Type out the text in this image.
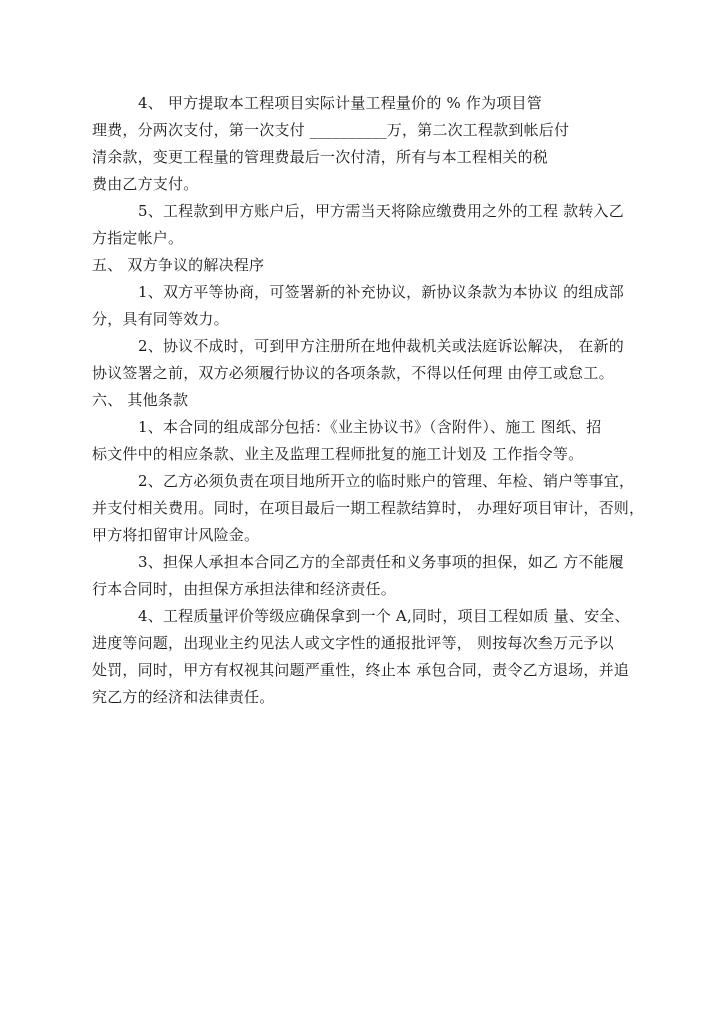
4、 甲方提取本工程项目实际计量工程量价的 % 作为项目管
理费，分两次支付，第一次支付 __________万，第二次工程款到帐后付
清余款，变更工程量的管理费最后一次付清，所有与本工程相关的税
费由乙方支付。
5、工程款到甲方账户后，甲方需当天将除应缴费用之外的工程 款转入乙
方指定帐户。
五、 双方争议的解决程序
1、双方平等协商，可签署新的补充协议，新协议条款为本协议 的组成部
分，具有同等效力。
2、协议不成时，可到甲方注册所在地仲裁机关或法庭诉讼解决， 在新的
协议签署之前，双方必须履行协议的各项条款，不得以任何理 由停工或怠工。
六、 其他条款
1、本合同的组成部分包括：《业主协议书》（含附件）、施工 图纸、招
标文件中的相应条款、业主及监理工程师批复的施工计划及 工作指令等。
2、乙方必须负责在项目地所开立的临时账户的管理、年检、销户等事宜，
并支付相关费用。同时，在项目最后一期工程款结算时， 办理好项目审计，否则，
甲方将扣留审计风险金。
3、担保人承担本合同乙方的全部责任和义务事项的担保，如乙 方不能履
行本合同时，由担保方承担法律和经济责任。
4、工程质量评价等级应确保拿到一个 A,同时，项目工程如质 量、安全、
进度等问题，出现业主约见法人或文字性的通报批评等， 则按每次叁万元予以
处罚，同时，甲方有权视其问题严重性，终止本 承包合同，责令乙方退场，并追
究乙方的经济和法律责任。
